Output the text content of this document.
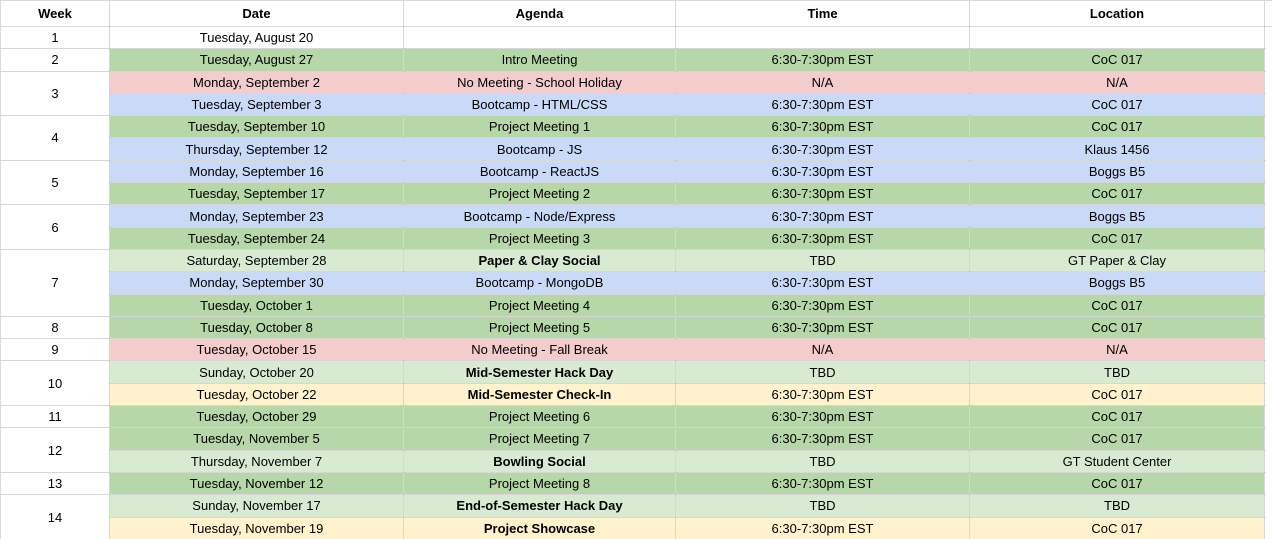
Week	Date	Agenda	Time	Location	
1	Tuesday, August 20				
2	Tuesday, August 27	Intro Meeting	6:30-7:30pm EST	CoC 017	
3	Monday, September 2	No Meeting - School Holiday	N/A	N/A	
	Tuesday, September 3	Bootcamp - HTML/CSS	6:30-7:30pm EST	CoC 017	
4	Tuesday, September 10	Project Meeting 1	6:30-7:30pm EST	CoC 017	
	Thursday, September 12	Bootcamp - JS	6:30-7:30pm EST	Klaus 1456	
5	Monday, September 16	Bootcamp - ReactJS	6:30-7:30pm EST	Boggs B5	
	Tuesday, September 17	Project Meeting 2	6:30-7:30pm EST	CoC 017	
6	Monday, September 23	Bootcamp - Node/Express	6:30-7:30pm EST	Boggs B5	
	Tuesday, September 24	Project Meeting 3	6:30-7:30pm EST	CoC 017	
7	Saturday, September 28	Paper & Clay Social	TBD	GT Paper & Clay	
	Monday, September 30	Bootcamp - MongoDB	6:30-7:30pm EST	Boggs B5	
	Tuesday, October 1	Project Meeting 4	6:30-7:30pm EST	CoC 017	
8	Tuesday, October 8	Project Meeting 5	6:30-7:30pm EST	CoC 017	
9	Tuesday, October 15	No Meeting - Fall Break	N/A	N/A	
10	Sunday, October 20	Mid-Semester Hack Day	TBD	TBD	
	Tuesday, October 22	Mid-Semester Check-In	6:30-7:30pm EST	CoC 017	
11	Tuesday, October 29	Project Meeting 6	6:30-7:30pm EST	CoC 017	
12	Tuesday, November 5	Project Meeting 7	6:30-7:30pm EST	CoC 017	
	Thursday, November 7	Bowling Social	TBD	GT Student Center	
13	Tuesday, November 12	Project Meeting 8	6:30-7:30pm EST	CoC 017	
14	Sunday, November 17	End-of-Semester Hack Day	TBD	TBD	
	Tuesday, November 19	Project Showcase	6:30-7:30pm EST	CoC 017	
